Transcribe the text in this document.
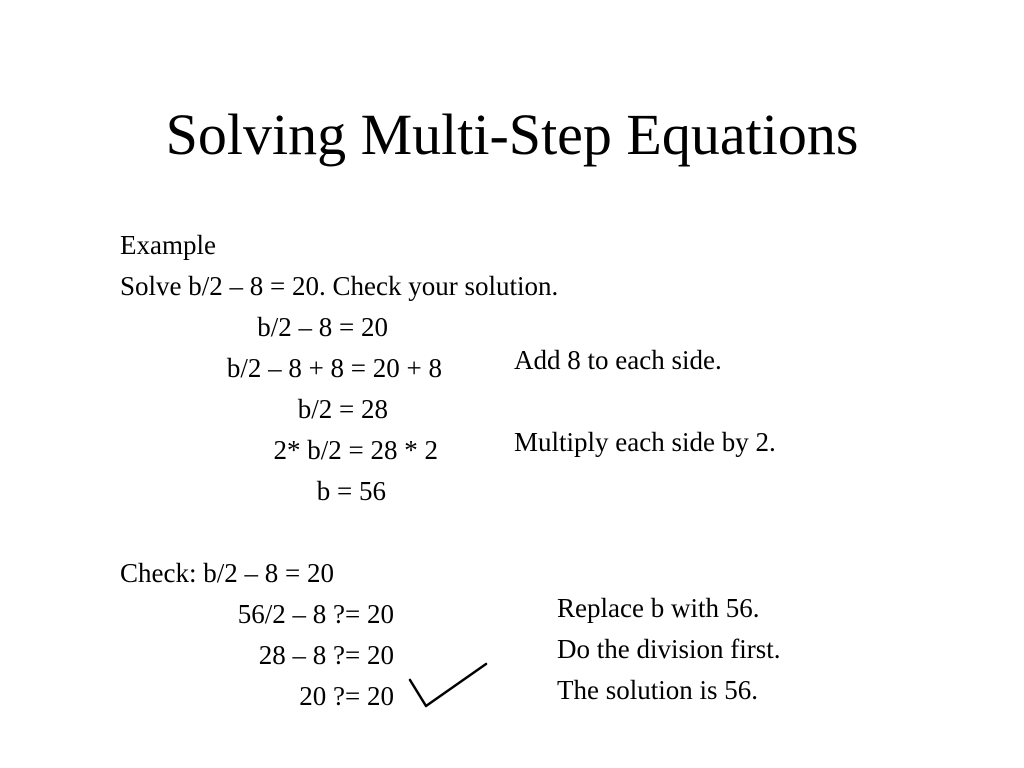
Solving Multi-Step Equations
Example
Solve b/2 – 8 = 20. Check your solution.
b/2 – 8 = 20
b/2 – 8 + 8 = 20 + 8
b/2 = 28
2* b/2 = 28 * 2
b = 56
Add 8 to each side.
Multiply each side by 2.
Check: b/2 – 8 = 20
56/2 – 8 ?= 20
28 – 8 ?= 20
20 ?= 20
Replace b with 56.
Do the division first.
The solution is 56.
